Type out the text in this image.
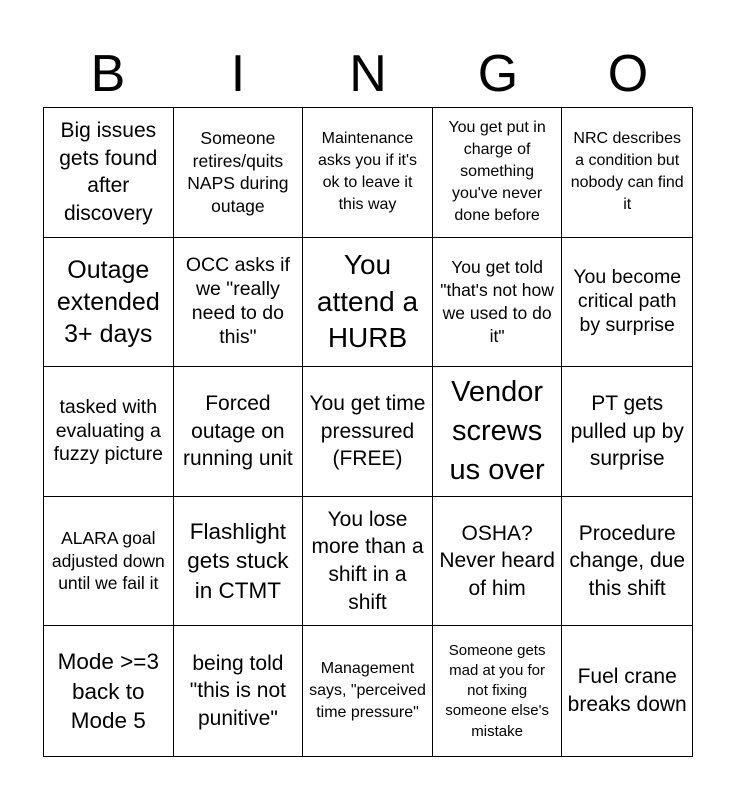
B	I	N	G	O
Big issues gets found after discovery
Someone retires/quits NAPS during outage
Maintenance asks you if it's ok to leave it this way
You get put in charge of something you've never done before
NRC describes a condition but nobody can find it
Outage extended 3+ days
OCC asks if we "really need to do this"
You attend a HURB
You get told "that's not how we used to do it"
You become critical path by surprise
tasked with evaluating a fuzzy picture
Forced outage on running unit
You get time pressured (FREE)
Vendor screws us over
PT gets pulled up by surprise
ALARA goal adjusted down until we fail it
Flashlight gets stuck in CTMT
You lose more than a shift in a shift
OSHA? Never heard of him
Procedure change, due this shift
Mode >=3 back to Mode 5
being told "this is not punitive"
Management says, "perceived time pressure"
Someone gets mad at you for not fixing someone else's mistake
Fuel crane breaks down
